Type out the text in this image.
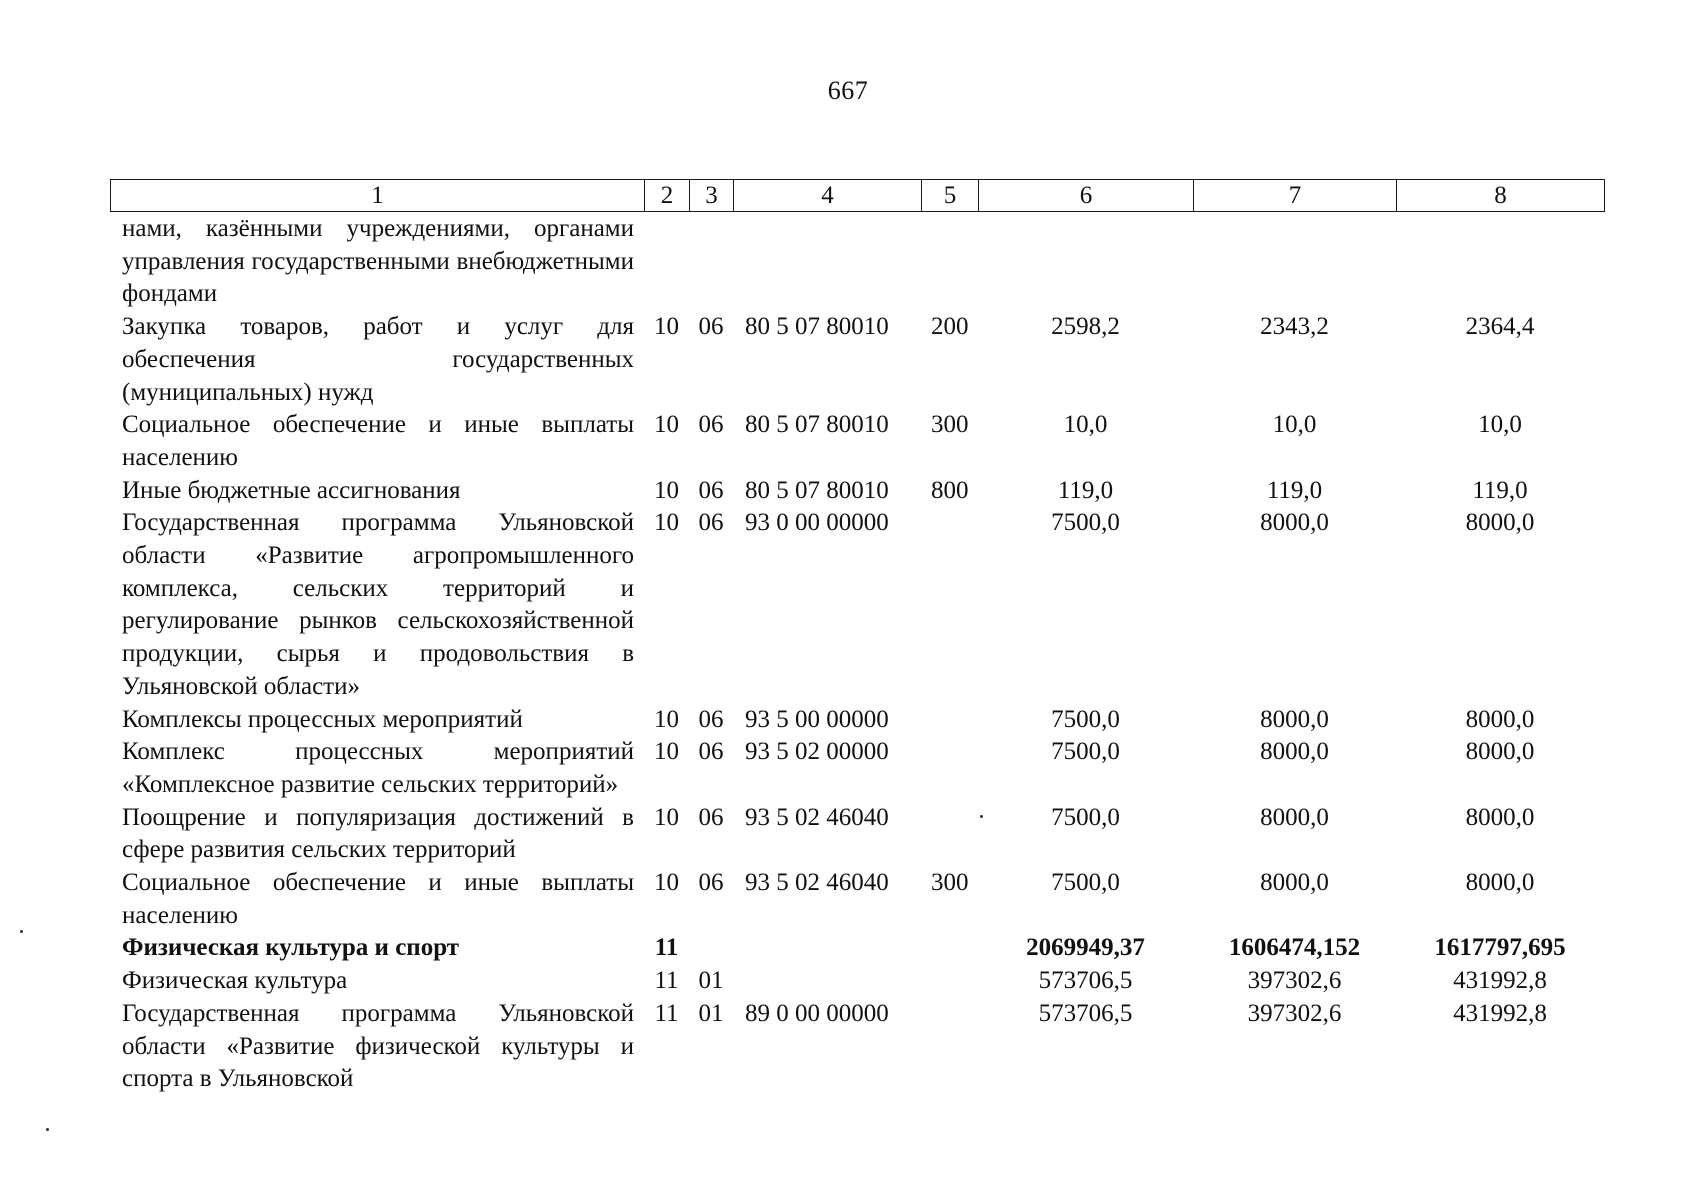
667
1	2	3	4	5	6	7	8
нами, казёнными учреждениями, органами управления государственными внебюджетными фондами							
Закупка товаров, работ и услуг для обеспечения государственных (муниципальных) нужд	10	06	80 5 07 80010	200	2598,2	2343,2	2364,4
Социальное обеспечение и иные выплаты населению	10	06	80 5 07 80010	300	10,0	10,0	10,0
Иные бюджетные ассигнования	10	06	80 5 07 80010	800	119,0	119,0	119,0
Государственная программа Ульяновской области «Развитие агропромышленного комплекса, сельских территорий и регулирование рынков сельскохозяйственной продукции, сырья и продовольствия в Ульяновской области»	10	06	93 0 00 00000		7500,0	8000,0	8000,0
Комплексы процессных мероприятий	10	06	93 5 00 00000		7500,0	8000,0	8000,0
Комплекс процессных мероприятий «Комплексное развитие сельских территорий»	10	06	93 5 02 00000		7500,0	8000,0	8000,0
Поощрение и популяризация достижений в сфере развития сельских территорий	10	06	93 5 02 46040		7500,0	8000,0	8000,0
Социальное обеспечение и иные выплаты населению	10	06	93 5 02 46040	300	7500,0	8000,0	8000,0
Физическая культура и спорт	11				2069949,37	1606474,152	1617797,695
Физическая культура	11	01			573706,5	397302,6	431992,8
Государственная программа Ульяновской области «Развитие физической культуры и спорта в Ульяновской	11	01	89 0 00 00000		573706,5	397302,6	431992,8
